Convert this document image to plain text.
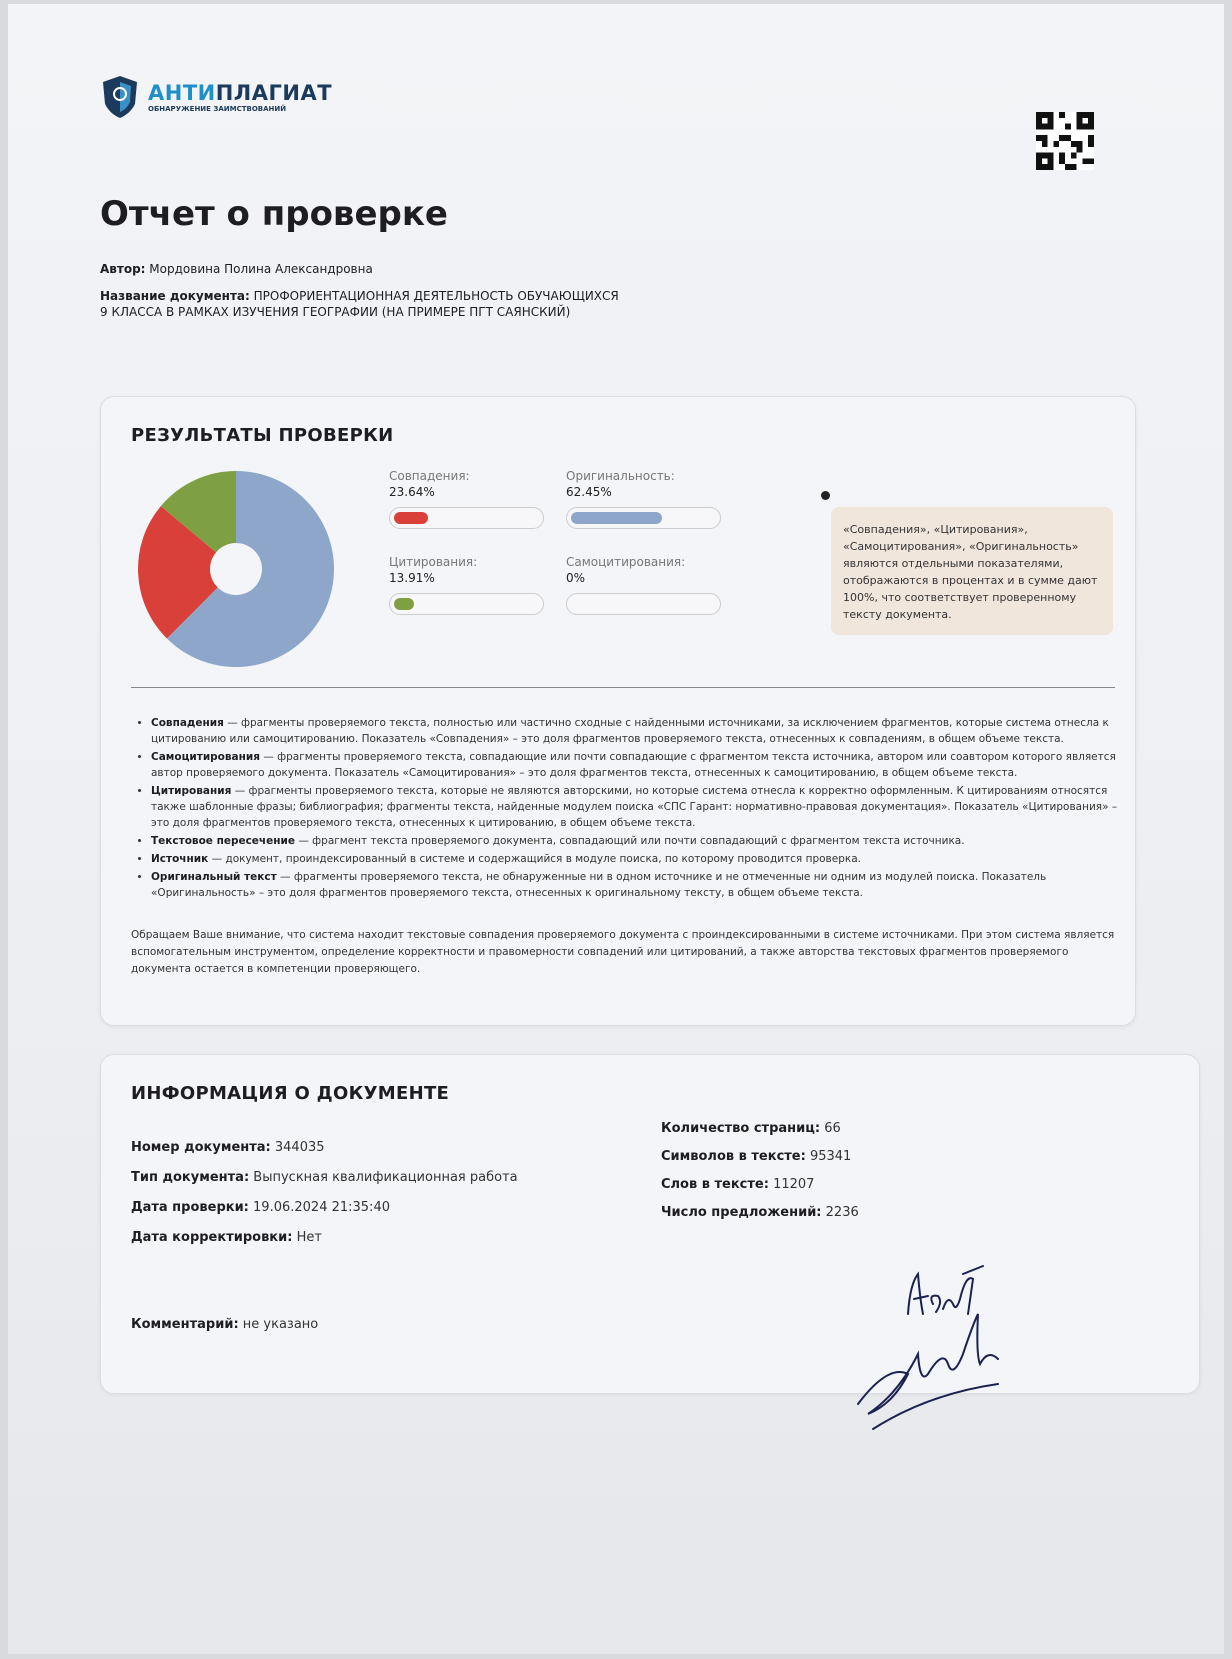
АНТИПЛАГИАТ
ОБНАРУЖЕНИЕ ЗАИМСТВОВАНИЙ
Отчет о проверке
Автор: Мордовина Полина Александровна
Название документа: ПРОФОРИЕНТАЦИОННАЯ ДЕЯТЕЛЬНОСТЬ ОБУЧАЮЩИХСЯ 9 КЛАССА В РАМКАХ ИЗУЧЕНИЯ ГЕОГРАФИИ (НА ПРИМЕРЕ ПГТ САЯНСКИЙ)
РЕЗУЛЬТАТЫ ПРОВЕРКИ
Совпадения:
23.64%
Оригинальность:
62.45%
Цитирования:
13.91%
Самоцитирования:
0%
«Совпадения», «Цитирования», «Самоцитирования», «Оригинальность» являются отдельными показателями, отображаются в процентах и в сумме дают 100%, что соответствует проверенному тексту документа.
• Совпадения — фрагменты проверяемого текста, полностью или частично сходные с найденными источниками, за исключением фрагментов, которые система отнесла к цитированию или самоцитированию. Показатель «Совпадения» – это доля фрагментов проверяемого текста, отнесенных к совпадениям, в общем объеме текста.
• Самоцитирования — фрагменты проверяемого текста, совпадающие или почти совпадающие с фрагментом текста источника, автором или соавтором которого является автор проверяемого документа. Показатель «Самоцитирования» – это доля фрагментов текста, отнесенных к самоцитированию, в общем объеме текста.
• Цитирования — фрагменты проверяемого текста, которые не являются авторскими, но которые система отнесла к корректно оформленным. К цитированиям относятся также шаблонные фразы; библиография; фрагменты текста, найденные модулем поиска «СПС Гарант: нормативно-правовая документация». Показатель «Цитирования» – это доля фрагментов проверяемого текста, отнесенных к цитированию, в общем объеме текста.
• Текстовое пересечение — фрагмент текста проверяемого документа, совпадающий или почти совпадающий с фрагментом текста источника.
• Источник — документ, проиндексированный в системе и содержащийся в модуле поиска, по которому проводится проверка.
• Оригинальный текст — фрагменты проверяемого текста, не обнаруженные ни в одном источнике и не отмеченные ни одним из модулей поиска. Показатель «Оригинальность» – это доля фрагментов проверяемого текста, отнесенных к оригинальному тексту, в общем объеме текста.
Обращаем Ваше внимание, что система находит текстовые совпадения проверяемого документа с проиндексированными в системе источниками. При этом система является вспомогательным инструментом, определение корректности и правомерности совпадений или цитирований, а также авторства текстовых фрагментов проверяемого документа остается в компетенции проверяющего.
ИНФОРМАЦИЯ О ДОКУМЕНТЕ
Номер документа: 344035
Тип документа: Выпускная квалификационная работа
Дата проверки: 19.06.2024 21:35:40
Дата корректировки: Нет
Количество страниц: 66
Символов в тексте: 95341
Слов в тексте: 11207
Число предложений: 2236
Комментарий: не указано
